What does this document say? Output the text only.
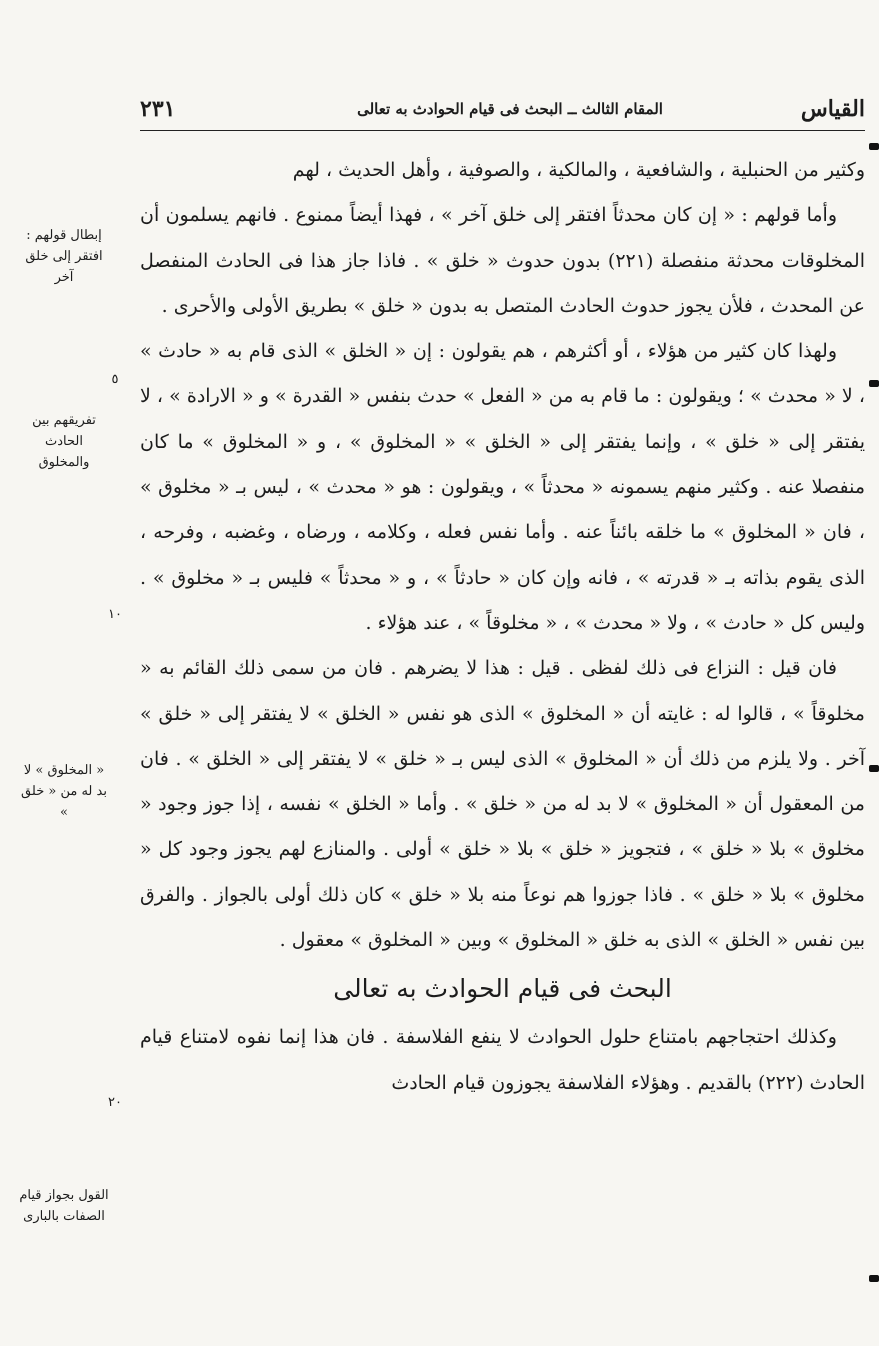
٢٣١	المقام الثالث ــ البحث فى قيام الحوادث به تعالى	القياس

وكثير من الحنبلية ، والشافعية ، والمالكية ، والصوفية ، وأهل الحديث ، لهم

وأما قولهم : « إن كان محدثاً افتقر إلى خلق آخر » ، فهذا أيضاً ممنوع . فانهم يسلمون أن المخلوقات محدثة منفصلة (٢٢١) بدون حدوث « خلق » . فاذا جاز هذا فى الحادث المنفصل عن المحدث ، فلأن يجوز حدوث الحادث المتصل به بدون « خلق » بطريق الأولى والأحرى .

ولهذا كان كثير من هؤلاء ، أو أكثرهم ، هم يقولون : إن « الخلق » الذى قام به « حادث » ، لا « محدث » ؛ ويقولون : ما قام به من « الفعل » حدث بنفس « القدرة » و « الارادة » ، لا يفتقر إلى « خلق » ، وإنما يفتقر إلى « الخلق » « المخلوق » ، و « المخلوق » ما كان منفصلا عنه . وكثير منهم يسمونه « محدثاً » ، ويقولون : هو « محدث » ، ليس بـ « مخلوق » ، فان « المخلوق » ما خلقه بائناً عنه . وأما نفس فعله ، وكلامه ، ورضاه ، وغضبه ، وفرحه ، الذى يقوم بذاته بـ « قدرته » ، فانه وإن كان « حادثاً » ، و « محدثاً » فليس بـ « مخلوق » . وليس كل « حادث » ، ولا « محدث » ، « مخلوقاً » ، عند هؤلاء .

فان قيل : النزاع فى ذلك لفظى . قيل : هذا لا يضرهم . فان من سمى ذلك القائم به « مخلوقاً » ، قالوا له : غايته أن « المخلوق » الذى هو نفس « الخلق » لا يفتقر إلى « خلق » آخر . ولا يلزم من ذلك أن « المخلوق » الذى ليس بـ « خلق » لا يفتقر إلى « الخلق » . فان من المعقول أن « المخلوق » لا بد له من « خلق » . وأما « الخلق » نفسه ، إذا جوز وجود « مخلوق » بلا « خلق » ، فتجويز « خلق » بلا « خلق » أولى . والمنازع لهم يجوز وجود كل « مخلوق » بلا « خلق » . فاذا جوزوا هم نوعاً منه بلا « خلق » كان ذلك أولى بالجواز . والفرق بين نفس « الخلق » الذى به خلق « المخلوق » وبين « المخلوق » معقول .

البحث فى قيام الحوادث به تعالى

وكذلك احتجاجهم بامتناع حلول الحوادث لا ينفع الفلاسفة . فان هذا إنما نفوه لامتناع قيام الحادث (٢٢٢) بالقديم . وهؤلاء الفلاسفة يجوزون قيام الحادث

إبطال قولهم : افتقر إلى خلق آخر
تفريقهم بين الحادث والمخلوق
« المخلوق » لا بد له من « خلق »
القول بجواز قيام الصفات بالبارى
٥
١٠
٢٠
